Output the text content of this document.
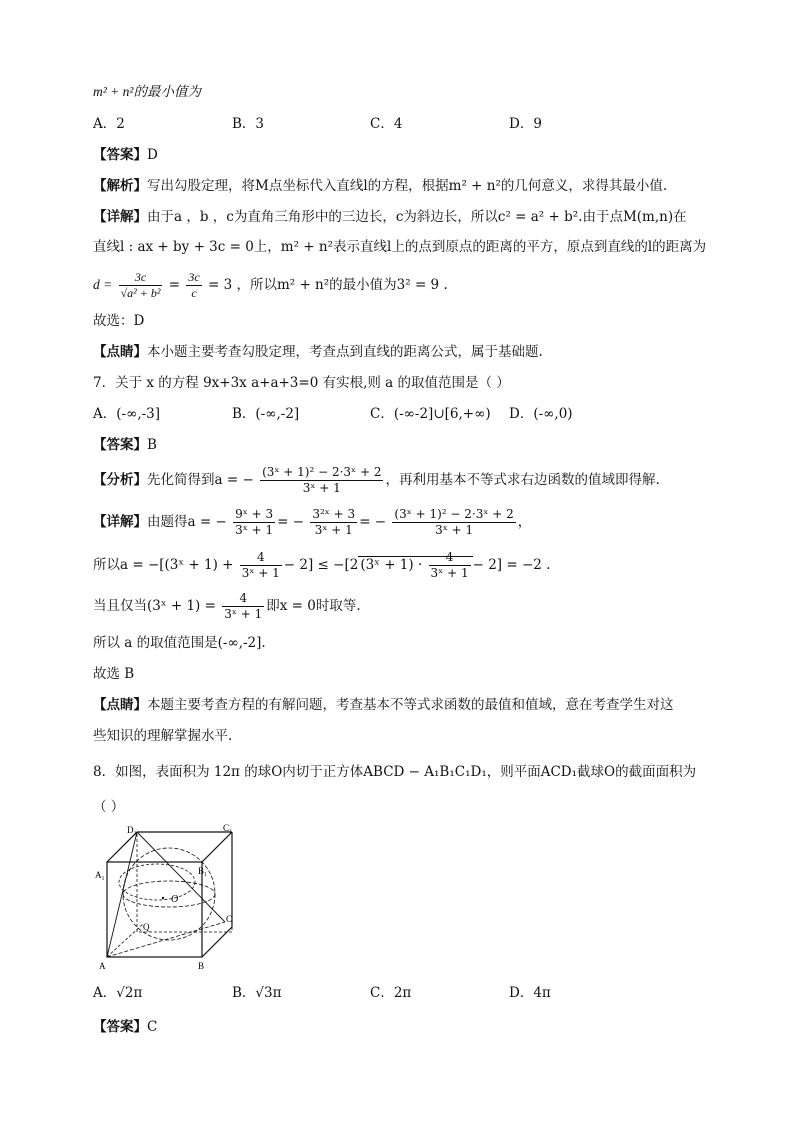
m² + n²的最小值为
A．2	B．3	C．4	D．9
【答案】D
【解析】写出勾股定理，将M点坐标代入直线l的方程，根据m² + n²的几何意义，求得其最小值.
【详解】由于a ，b ，c为直角三角形中的三边长，c为斜边长，所以c² = a² + b².由于点M(m,n)在
直线l : ax + by + 3c = 0上，m² + n²表示直线l上的点到原点的距离的平方，原点到直线的l的距离为
$d = \frac{3c}{\text{√a² + b²}} = \frac{3c}{c} = 3$ ，所以m² + n²的最小值为3² = 9 .
故选：D
【点睛】本小题主要考查勾股定理，考查点到直线的距离公式，属于基础题.
7．关于 x 的方程 9x+3x a+a+3=0 有实根,则 a 的取值范围是（ ）
A．(-∞,-3]	B．(-∞,-2]	C．(-∞-2]∪[6,+∞) D．(-∞,0)
【答案】B
【分析】先化简得到a = − $\frac{\text{(3ˣ + 1)² − 2·3ˣ + 2}}{\text{3ˣ + 1}}$ ，再利用基本不等式求右边函数的值域即得解.
【详解】由题得a = − $\frac{\text{9ˣ + 3}}{\text{3ˣ + 1}}$ = − $\frac{\text{3²ˣ + 3}}{\text{3ˣ + 1}}$ = − $\frac{\text{(3ˣ + 1)² − 2·3ˣ + 2}}{\text{3ˣ + 1}}$ ，
所以a = −[(3ˣ + $1) + \frac{4}{\text{3ˣ + 1}} - 2] \le -[2$ (3ˣ + $1) \cdot \frac{4}{\text{3ˣ + 1}} - 2] = -2$ .
当且仅当(3ˣ + $1) = \frac{4}{\text{3ˣ + 1}}$ 即x = 0时取等.
所以 a 的取值范围是(-∞,-2].
故选 B
【点睛】本题主要考查方程的有解问题，考查基本不等式求函数的最值和值域，意在考查学生对这
些知识的理解掌握水平.
8．如图，表面积为 12π 的球O内切于正方体ABCD − A₁B₁C₁D₁，则平面ACD₁截球O的截面面积为
（ ）
D₁	C₁
A₁	B₁
O
Q
C
A	B
A．√2π	B．√3π	C．2π	D．4π
【答案】C
